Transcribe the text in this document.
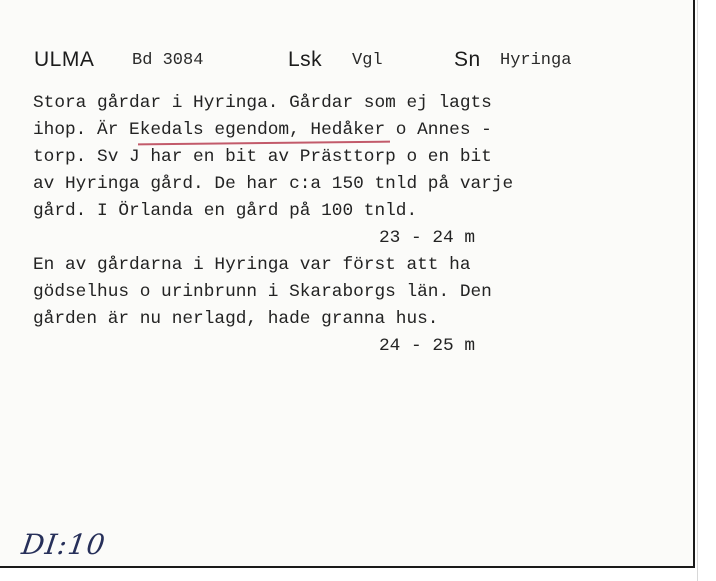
ULMA Bd 3084	Lsk Vgl	Sn Hyringa
Stora gårdar i Hyringa. Gårdar som ej lagts
ihop. Är Ekedals egendom, Hedåker o Annes -
torp. Sv J har en bit av Prästtorp o en bit
av Hyringa gård. De har c:a 150 tnld på varje
gård. I Örlanda en gård på 100 tnld.
23 - 24 m
En av gårdarna i Hyringa var först att ha
gödselhus o urinbrunn i Skaraborgs län. Den
gården är nu nerlagd, hade granna hus.
24 - 25 m
DI:10
